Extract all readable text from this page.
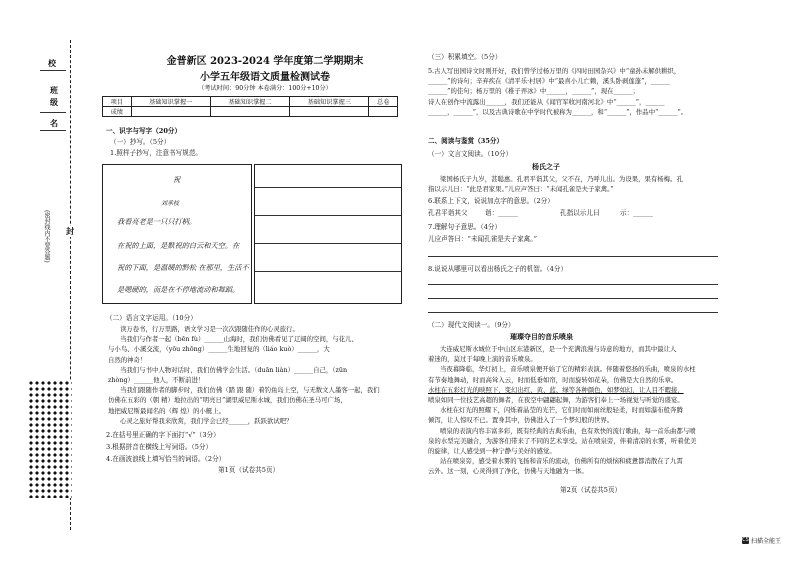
校
班级
名
封
(密封线内不要答题)
金普新区 2023-2024 学年度第二学期期末
小学五年级语文质量检测试卷
（考试时间：90分钟 本卷满分：100分+10分）
项目	基础知识掌握一	基础知识掌握二	基础知识掌握三	总卷
成绩				
一、识字与写字（20分）
（一）抄写。（5分）
1.照样子抄写，注意书写规范。
祝
刘承枝
我看亮老是一只只打柄。
在祝的上面，是默祝的白云和天空。在
祝的下面，是温暖的黔松 在那里，生活不
是嗯硬的，而是在不停地流动和舞蹈。
（二）语言文字运用。（10分）
读万卷书，行万里路，语文学习是一次次跟随佳作的心灵旅行。
当我们与作者一起（bēn fù）______山海时，我们仿佛看见了辽阔的空间，与花儿、
与小鸟、小溪交流，（yōu zhōng）______生地回复的（liáo kuò）______，大
自然的神奇！
当我们与书中人物对话时，我们仿佛学会生活。（duān liàn）______自己，（zūn
zhòng）______他人，不断前进！
当我们跟随作者的脚步时，我们仿佛（踏 跟 随）着钓鱼岛上空，与无数文人墨客一起，我们
仿佛在五彩的（朝 精）地拉出的“明亮日”湖里威尼斯水城，我们仿佛在圣马可广场，
地把威尼斯最闻名的（辉 煌）的小艇上。
心灵之旅好帮我来欣赏，我们学会已经______，跃跃欲试吧？
2.在括号里正确的字下面打“√”（3分）
3.根据拼音在横线上写词语。（5分）
4.在画波浪线上填写恰当的词语。（2分）
第1页（试卷共5页）
（三）积累填空。（5分）
5.古人写田园诗文时则开好，我们曾学过杨万里的《四时田园杂兴》中“童孙未解供耕织，
______”的诗句；辛弃疾在《清平乐·村居》中“最喜小儿亡赖，溪头卧剥莲蓬”，______
______”的佳句；杨万里的《稚子弄冰》中______，______”，现在______；
诗人在创作中流露出______，我们还能从《闻官军收河南河北》中“______”，______
______，______”，以及古典诗歌在中学时代被称为______，和“______”，作品中“______”。
二、阅读与鉴赏（35分）
（一）文言文阅读。（10分）
杨氏之子
梁国杨氏子九岁，甚聪惠。孔君平诣其父，父不在，乃呼儿出。为设果，果有杨梅。孔
指以示儿曰：“此是君家果。”儿应声答曰：“未闻孔雀是夫子家禽。”
6.联系上下文，说说加点字的意思。（2分）
孔君平诣其父	诣：______	孔指以示儿曰	示：______
7.理解句子意思。（4分）
儿应声答曰：“未闻孔雀是夫子家禽。”
8.说说从哪里可以看出杨氏之子的机智。（4分）
（二）现代文阅读一。（9分）
璀璨夺目的音乐喷泉
大连威尼斯水城位于中山区东港新区，是一个充满浪漫与诗意的地方，而其中最让人
着迷的，莫过于每晚上演的音乐喷泉。
当夜幕降临，华灯初上，音乐喷泉便开始了它的精彩表演。伴随着悠扬的乐曲，喷泉的水柱
有节奏地舞动，时而高耸入云，时而低垂如帘，时而旋转如花朵，仿佛是大自然的乐章。
水柱在五彩灯光的映照下，变幻出红、黄、蓝、绿等各种颜色，如梦如幻，让人目不暇接，
喷泉如同一位技艺高超的舞者，在夜空中翩翩起舞，为游客们奉上一场视觉与听觉的盛宴。
水柱在灯光的照耀下，闪烁着晶莹的光芒，它们时而如雨丝般轻柔，时而如瀑布般奔腾
倾泻，让人惊叹不已。置身其中，仿佛进入了一个梦幻般的世界。
喷泉的表演内容丰富多彩，既有经典的古典乐曲，也有欢快的流行歌曲，每一首乐曲都与喷
泉的水型完美融合，为游客们带来了不同的艺术享受。站在喷泉旁，伴着清凉的水雾，听着优美
的旋律，让人感受到一种宁静与美好的感觉。
站在喷泉旁，感受着水雾的飞扬和音乐的流动，仿佛所有的烦恼和疲惫都消散在了九霄
云外。这一刻，心灵得到了净化，仿佛与天地融为一体。
第2页（试卷共5页）
CS 扫描全能王
